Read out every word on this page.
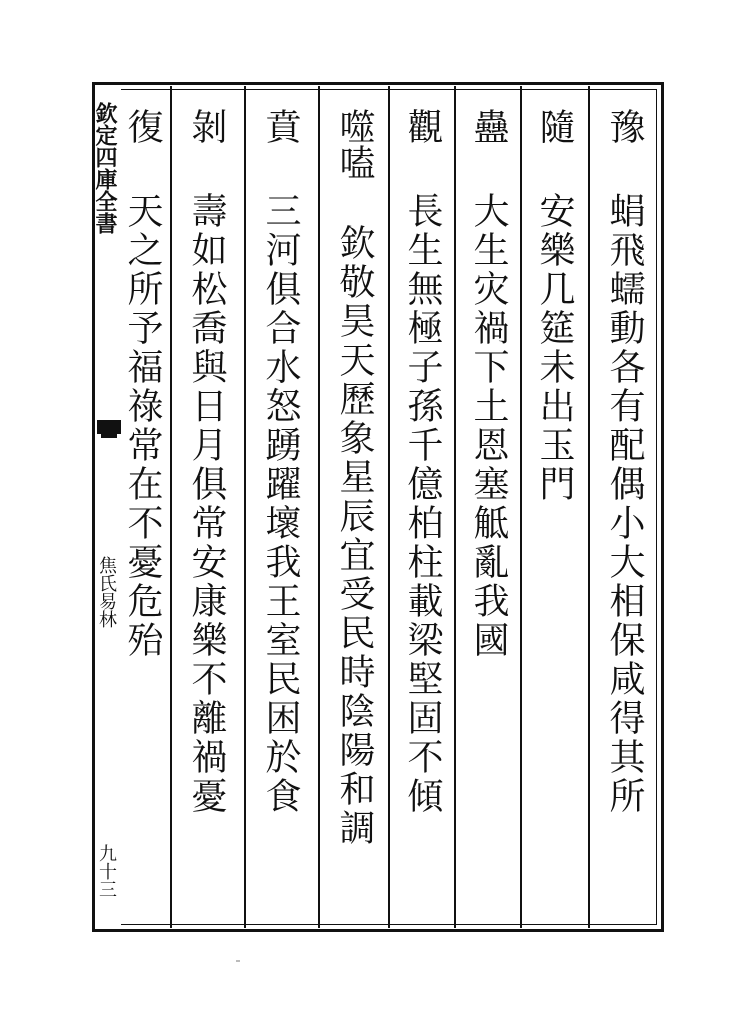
欽定四庫全書
焦氏易林
九十三
豫
蜎飛蠕動各有配偶小大相保咸得其所
隨
安樂几筵未出玉門
蠱
大生灾禍下土恩塞觝亂我國
觀
長生無極子孫千億柏柱載梁堅固不傾
噬嗑
欽敬昊天歷象星辰宜受民時陰陽和調
賁
三河俱合水怒踴躍壞我王室民困於食
剝
壽如松喬與日月俱常安康樂不離禍憂
復
天之所予福祿常在不憂危殆
